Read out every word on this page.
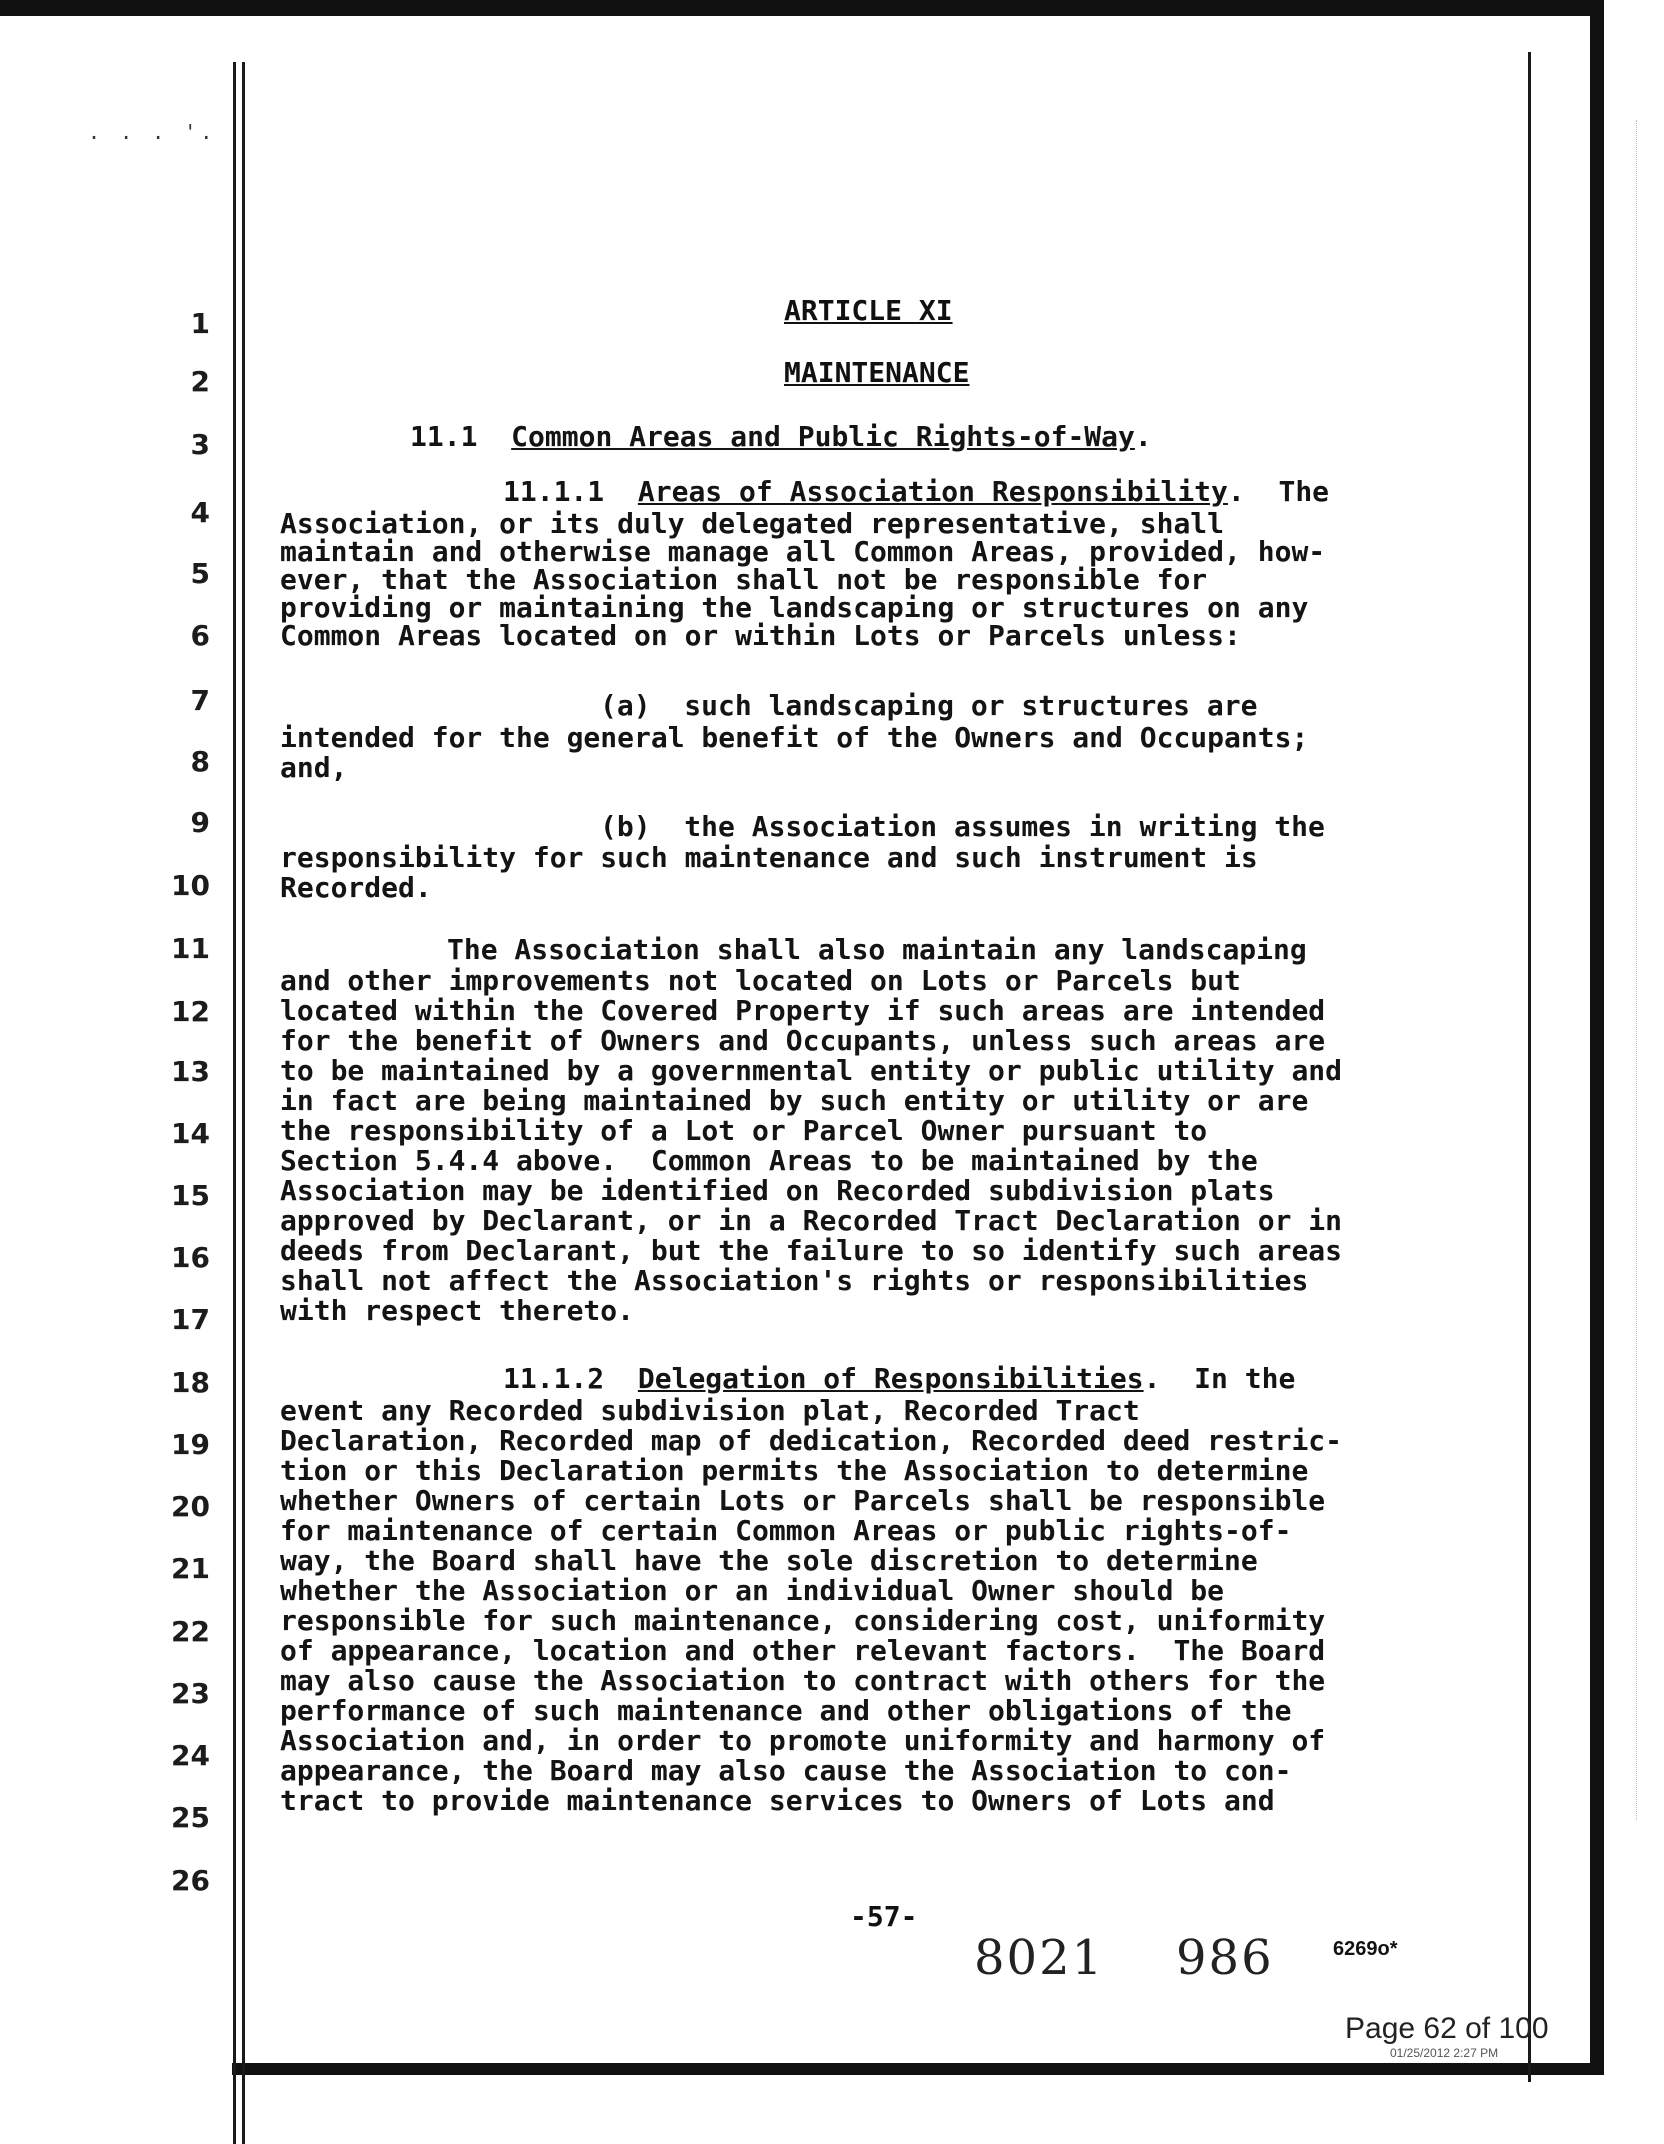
. . . '.
1
2
3
4
5
6
7
8
9
10
11
12
13
14
15
16
17
18
19
20
21
22
23
24
25
26
ARTICLE XI
MAINTENANCE
11.1 Common Areas and Public Rights-of-Way.
11.1.1 Areas of Association Responsibility.  The
Association, or its duly delegated representative, shall
maintain and otherwise manage all Common Areas, provided, how-
ever, that the Association shall not be responsible for
providing or maintaining the landscaping or structures on any
Common Areas located on or within Lots or Parcels unless:
(a)  such landscaping or structures are
intended for the general benefit of the Owners and Occupants;
and,
(b)  the Association assumes in writing the
responsibility for such maintenance and such instrument is
Recorded.
The Association shall also maintain any landscaping
and other improvements not located on Lots or Parcels but
located within the Covered Property if such areas are intended
for the benefit of Owners and Occupants, unless such areas are
to be maintained by a governmental entity or public utility and
in fact are being maintained by such entity or utility or are
the responsibility of a Lot or Parcel Owner pursuant to
Section 5.4.4 above.  Common Areas to be maintained by the
Association may be identified on Recorded subdivision plats
approved by Declarant, or in a Recorded Tract Declaration or in
deeds from Declarant, but the failure to so identify such areas
shall not affect the Association's rights or responsibilities
with respect thereto.
11.1.2 Delegation of Responsibilities.  In the
event any Recorded subdivision plat, Recorded Tract
Declaration, Recorded map of dedication, Recorded deed restric-
tion or this Declaration permits the Association to determine
whether Owners of certain Lots or Parcels shall be responsible
for maintenance of certain Common Areas or public rights-of-
way, the Board shall have the sole discretion to determine
whether the Association or an individual Owner should be
responsible for such maintenance, considering cost, uniformity
of appearance, location and other relevant factors.  The Board
may also cause the Association to contract with others for the
performance of such maintenance and other obligations of the
Association and, in order to promote uniformity and harmony of
appearance, the Board may also cause the Association to con-
tract to provide maintenance services to Owners of Lots and
-57-
8021 986	6269o*
Page 62 of 100
01/25/2012 2:27 PM
